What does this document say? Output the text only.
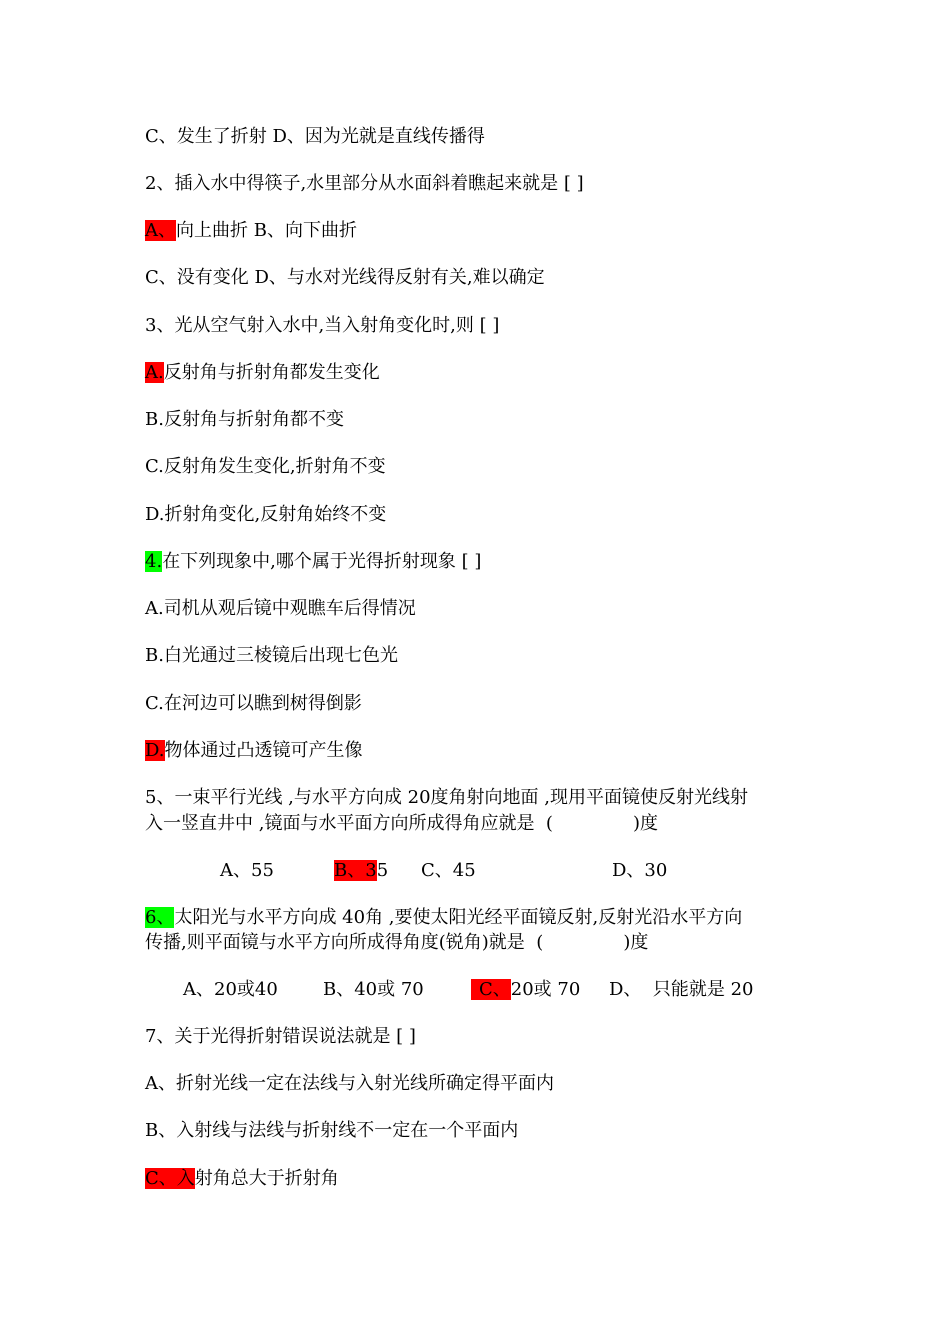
C、发生了折射 D、因为光就是直线传播得
2、插入水中得筷子,水里部分从水面斜着瞧起来就是 [ ]
A、向上曲折 B、向下曲折
C、没有变化 D、与水对光线得反射有关,难以确定
3、光从空气射入水中,当入射角变化时,则 [ ]
A.反射角与折射角都发生变化
B.反射角与折射角都不变
C.反射角发生变化,折射角不变
D.折射角变化,反射角始终不变
4.在下列现象中,哪个属于光得折射现象 [ ]
A.司机从观后镜中观瞧车后得情况
B.白光通过三棱镜后出现七色光
C.在河边可以瞧到树得倒影
D.物体通过凸透镜可产生像
5、一束平行光线 ,与水平方向成 20度角射向地面 ,现用平面镜使反射光线射
入一竖直井中 ,镜面与水平面方向所成得角应就是  (              )度
A、55	B、35 C、45	D、30
6、太阳光与水平方向成 40角 ,要使太阳光经平面镜反射,反射光沿水平方向
传播,则平面镜与水平方向所成得角度(锐角)就是  (              )度
A、20或40	B、40或 70	C、20或 70 D、  只能就是 20
7、关于光得折射错误说法就是 [ ]
A、折射光线一定在法线与入射光线所确定得平面内
B、入射线与法线与折射线不一定在一个平面内
C、入射角总大于折射角
